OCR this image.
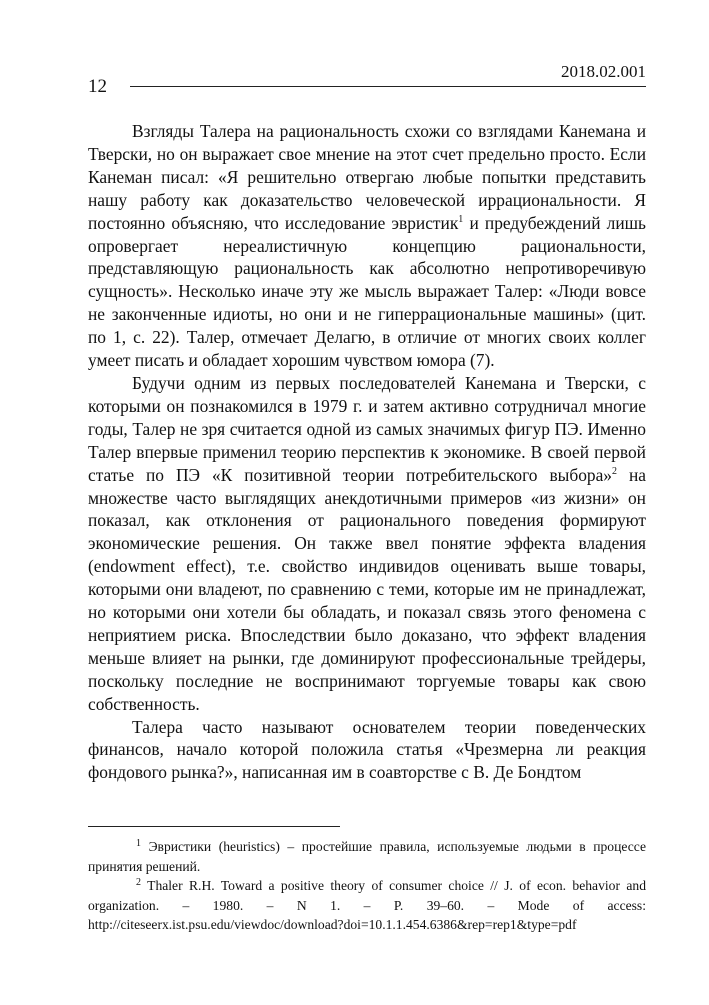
12
2018.02.001

Взгляды Талера на рациональность схожи со взглядами Канемана и Тверски, но он выражает свое мнение на этот счет предельно просто. Если Канеман писал: «Я решительно отвергаю любые попытки представить нашу работу как доказательство человеческой иррациональности. Я постоянно объясняю, что исследование эвристик$^1$ и предубеждений лишь опровергает нереалистичную концепцию рациональности, представляющую рациональность как абсолютно непротиворечивую сущность». Несколько иначе эту же мысль выражает Талер: «Люди вовсе не законченные идиоты, но они и не гиперрациональные машины» (цит. по 1, с. 22). Талер, отмечает Делагю, в отличие от многих своих коллег умеет писать и обладает хорошим чувством юмора (7).

Будучи одним из первых последователей Канемана и Тверски, с которыми он познакомился в 1979 г. и затем активно сотрудничал многие годы, Талер не зря считается одной из самых значимых фигур ПЭ. Именно Талер впервые применил теорию перспектив к экономике. В своей первой статье по ПЭ «К позитивной теории потребительского выбора»$^2$ на множестве часто выглядящих анекдотичными примеров «из жизни» он показал, как отклонения от рационального поведения формируют экономические решения. Он также ввел понятие эффекта владения (endowment effect), т.е. свойство индивидов оценивать выше товары, которыми они владеют, по сравнению с теми, которые им не принадлежат, но которыми они хотели бы обладать, и показал связь этого феномена с неприятием риска. Впоследствии было доказано, что эффект владения меньше влияет на рынки, где доминируют профессиональные трейдеры, поскольку последние не воспринимают торгуемые товары как свою собственность.

Талера часто называют основателем теории поведенческих финансов, начало которой положила статья «Чрезмерна ли реакция фондового рынка?», написанная им в соавторстве с В. Де Бондтом

$^1$ Эвристики (heuristics) – простейшие правила, используемые людьми в процессе принятия решений.

$^2$ Thaler R.H. Toward a positive theory of consumer choice // J. of econ. behavior and organization. – 1980. – N 1. – P. 39–60. – Mode of access: http://citeseerx.ist.psu.edu/viewdoc/download?doi=10.1.1.454.6386&rep=rep1&type=pdf
